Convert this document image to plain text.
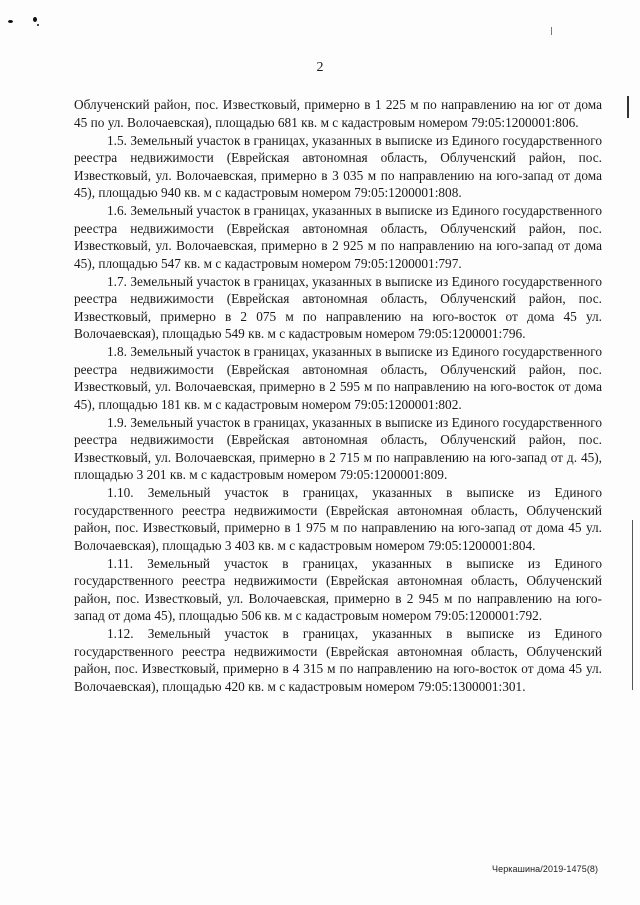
2

Облученский район, пос. Известковый, примерно в 1 225 м по направлению на юг от дома 45 по ул. Волочаевская), площадью 681 кв. м с кадастровым номером 79:05:1200001:806.

1.5. Земельный участок в границах, указанных в выписке из Единого государственного реестра недвижимости (Еврейская автономная область, Облученский район, пос. Известковый, ул. Волочаевская, примерно в 3 035 м по направлению на юго-запад от дома 45), площадью 940 кв. м с кадастровым номером 79:05:1200001:808.

1.6. Земельный участок в границах, указанных в выписке из Единого государственного реестра недвижимости (Еврейская автономная область, Облученский район, пос. Известковый, ул. Волочаевская, примерно в 2 925 м по направлению на юго-запад от дома 45), площадью 547 кв. м с кадастровым номером 79:05:1200001:797.

1.7. Земельный участок в границах, указанных в выписке из Единого государственного реестра недвижимости (Еврейская автономная область, Облученский район, пос. Известковый, примерно в 2 075 м по направлению на юго-восток от дома 45 ул. Волочаевская), площадью 549 кв. м с кадастровым номером 79:05:1200001:796.

1.8. Земельный участок в границах, указанных в выписке из Единого государственного реестра недвижимости (Еврейская автономная область, Облученский район, пос. Известковый, ул. Волочаевская, примерно в 2 595 м по направлению на юго-восток от дома 45), площадью 181 кв. м с кадастровым номером 79:05:1200001:802.

1.9. Земельный участок в границах, указанных в выписке из Единого государственного реестра недвижимости (Еврейская автономная область, Облученский район, пос. Известковый, ул. Волочаевская, примерно в 2 715 м по направлению на юго-запад от д. 45), площадью 3 201 кв. м с кадастровым номером 79:05:1200001:809.

1.10. Земельный участок в границах, указанных в выписке из Единого государственного реестра недвижимости (Еврейская автономная область, Облученский район, пос. Известковый, примерно в 1 975 м по направлению на юго-запад от дома 45 ул. Волочаевская), площадью 3 403 кв. м с кадастровым номером 79:05:1200001:804.

1.11. Земельный участок в границах, указанных в выписке из Единого государственного реестра недвижимости (Еврейская автономная область, Облученский район, пос. Известковый, ул. Волочаевская, примерно в 2 945 м по направлению на юго-запад от дома 45), площадью 506 кв. м с кадастровым номером 79:05:1200001:792.

1.12. Земельный участок в границах, указанных в выписке из Единого государственного реестра недвижимости (Еврейская автономная область, Облученский район, пос. Известковый, примерно в 4 315 м по направлению на юго-восток от дома 45 ул. Волочаевская), площадью 420 кв. м с кадастровым номером 79:05:1300001:301.

Черкашина/2019-1475(8)
